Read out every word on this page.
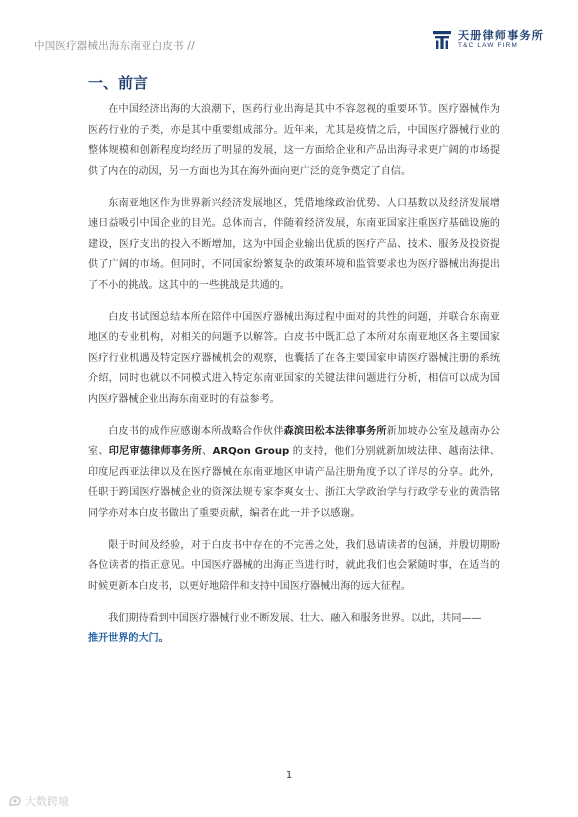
中国医疗器械出海东南亚白皮书 //
天册律师事务所
T&C LAW FIRM
一、前言

在中国经济出海的大浪潮下，医药行业出海是其中不容忽视的重要环节。医疗器械作为医药行业的子类，亦是其中重要组成部分。近年来，尤其是疫情之后，中国医疗器械行业的整体规模和创新程度均经历了明显的发展，这一方面给企业和产品出海寻求更广阔的市场提供了内在的动因，另一方面也为其在海外面向更广泛的竞争奠定了自信。

东南亚地区作为世界新兴经济发展地区，凭借地缘政治优势、人口基数以及经济发展增速日益吸引中国企业的目光。总体而言，伴随着经济发展，东南亚国家注重医疗基础设施的建设，医疗支出的投入不断增加，这为中国企业输出优质的医疗产品、技术、服务及投资提供了广阔的市场。但同时，不同国家纷繁复杂的政策环境和监管要求也为医疗器械出海提出了不小的挑战。这其中的一些挑战是共通的。

白皮书试图总结本所在陪伴中国医疗器械出海过程中面对的共性的问题，并联合东南亚地区的专业机构，对相关的问题予以解答。白皮书中既汇总了本所对东南亚地区各主要国家医疗行业机遇及特定医疗器械机会的观察，也囊括了在各主要国家申请医疗器械注册的系统介绍，同时也就以不同模式进入特定东南亚国家的关键法律问题进行分析，相信可以成为国内医疗器械企业出海东南亚时的有益参考。

白皮书的成作应感谢本所战略合作伙伴森滨田松本法律事务所新加坡办公室及越南办公室、印尼审德律师事务所、ARQon Group 的支持，他们分别就新加坡法律、越南法律、印度尼西亚法律以及在医疗器械在东南亚地区申请产品注册角度予以了详尽的分享。此外，任职于跨国医疗器械企业的资深法规专家李爽女士、浙江大学政治学与行政学专业的黄浩铭同学亦对本白皮书做出了重要贡献，编者在此一并予以感谢。

限于时间及经验，对于白皮书中存在的不完善之处，我们恳请读者的包涵，并殷切期盼各位读者的指正意见。中国医疗器械的出海正当进行时，就此我们也会紧随时事，在适当的时候更新本白皮书，以更好地陪伴和支持中国医疗器械出海的远大征程。

我们期待看到中国医疗器械行业不断发展、壮大、融入和服务世界。以此，共同——

推开世界的大门。

1
大数跨境
